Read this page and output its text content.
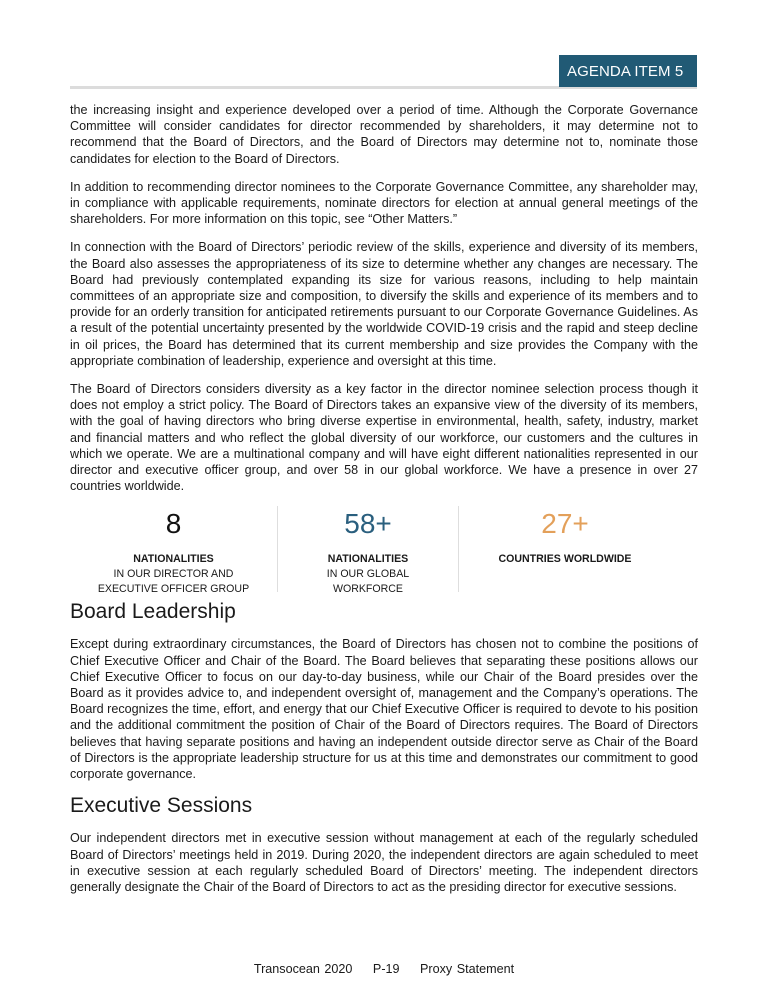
AGENDA ITEM 5

the increasing insight and experience developed over a period of time. Although the Corporate Governance Committee will consider candidates for director recommended by shareholders, it may determine not to recommend that the Board of Directors, and the Board of Directors may determine not to, nominate those candidates for election to the Board of Directors.

In addition to recommending director nominees to the Corporate Governance Committee, any shareholder may, in compliance with applicable requirements, nominate directors for election at annual general meetings of the shareholders. For more information on this topic, see “Other Matters.”

In connection with the Board of Directors’ periodic review of the skills, experience and diversity of its members, the Board also assesses the appropriateness of its size to determine whether any changes are necessary. The Board had previously contemplated expanding its size for various reasons, including to help maintain committees of an appropriate size and composition, to diversify the skills and experience of its members and to provide for an orderly transition for anticipated retirements pursuant to our Corporate Governance Guidelines. As a result of the potential uncertainty presented by the worldwide COVID-19 crisis and the rapid and steep decline in oil prices, the Board has determined that its current membership and size provides the Company with the appropriate combination of leadership, experience and oversight at this time.

The Board of Directors considers diversity as a key factor in the director nominee selection process though it does not employ a strict policy. The Board of Directors takes an expansive view of the diversity of its members, with the goal of having directors who bring diverse expertise in environmental, health, safety, industry, market and financial matters and who reflect the global diversity of our workforce, our customers and the cultures in which we operate. We are a multinational company and will have eight different nationalities represented in our director and executive officer group, and over 58 in our global workforce. We have a presence in over 27 countries worldwide.

8
NATIONALITIES
IN OUR DIRECTOR AND
EXECUTIVE OFFICER GROUP
58+
NATIONALITIES
IN OUR GLOBAL
WORKFORCE
27+
COUNTRIES WORLDWIDE
Board Leadership

Except during extraordinary circumstances, the Board of Directors has chosen not to combine the positions of Chief Executive Officer and Chair of the Board. The Board believes that separating these positions allows our Chief Executive Officer to focus on our day-to-day business, while our Chair of the Board presides over the Board as it provides advice to, and independent oversight of, management and the Company’s operations. The Board recognizes the time, effort, and energy that our Chief Executive Officer is required to devote to his position and the additional commitment the position of Chair of the Board of Directors requires. The Board of Directors believes that having separate positions and having an independent outside director serve as Chair of the Board of Directors is the appropriate leadership structure for us at this time and demonstrates our commitment to good corporate governance.

Executive Sessions

Our independent directors met in executive session without management at each of the regularly scheduled Board of Directors’ meetings held in 2019. During 2020, the independent directors are again scheduled to meet in executive session at each regularly scheduled Board of Directors’ meeting. The independent directors generally designate the Chair of the Board of Directors to act as the presiding director for executive sessions.

Transocean 2020 P-19 Proxy Statement
